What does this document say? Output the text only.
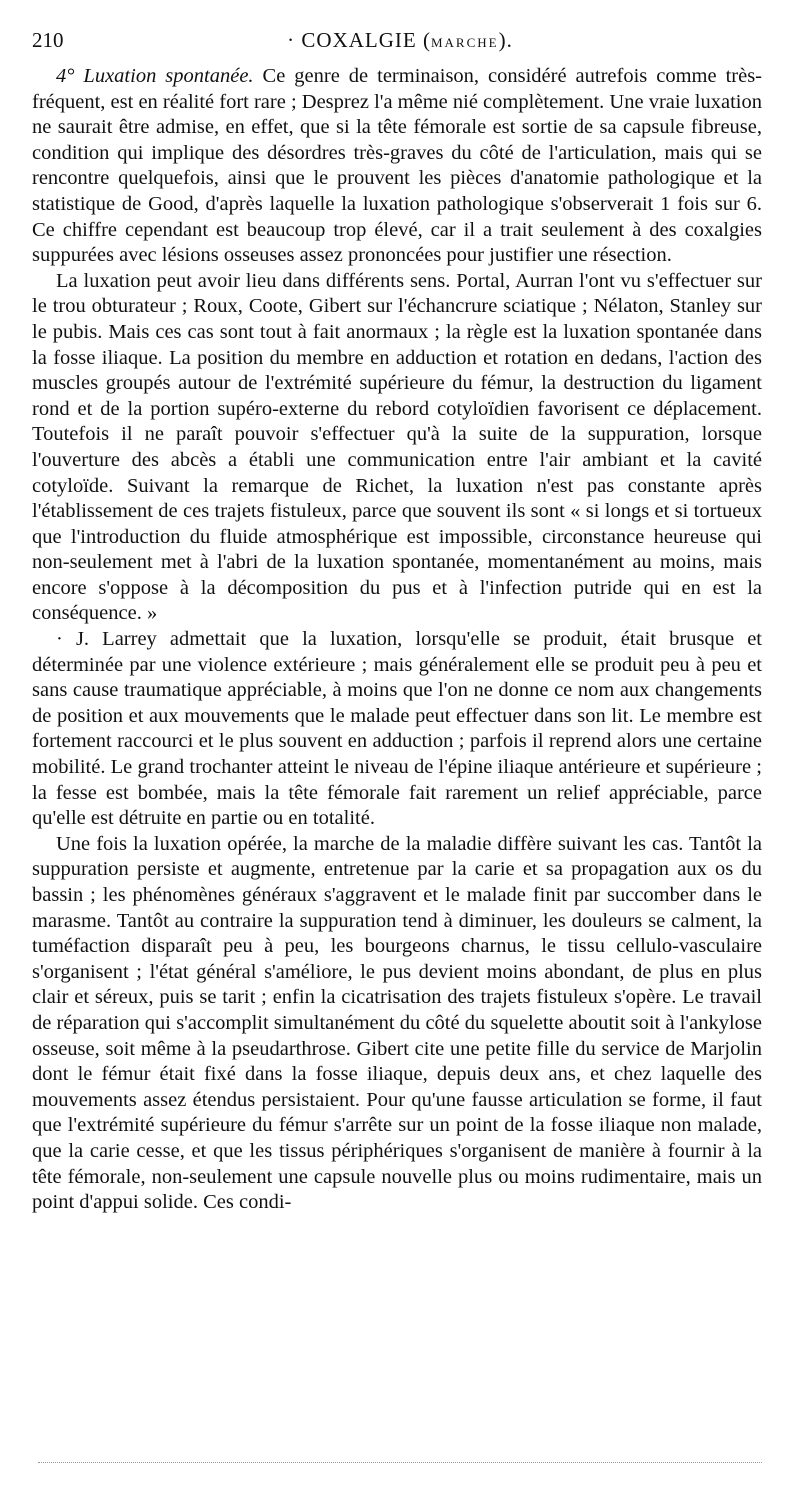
210	· COXALGIE (MARCHE).

4° Luxation spontanée. Ce genre de terminaison, considéré autrefois comme très-fréquent, est en réalité fort rare ; Desprez l'a même nié complètement. Une vraie luxation ne saurait être admise, en effet, que si la tête fémorale est sortie de sa capsule fibreuse, condition qui implique des désordres très-graves du côté de l'articulation, mais qui se rencontre quelquefois, ainsi que le prouvent les pièces d'anatomie pathologique et la statistique de Good, d'après laquelle la luxation pathologique s'observerait 1 fois sur 6. Ce chiffre cependant est beaucoup trop élevé, car il a trait seulement à des coxalgies suppurées avec lésions osseuses assez prononcées pour justifier une résection.

La luxation peut avoir lieu dans différents sens. Portal, Aurran l'ont vu s'effectuer sur le trou obturateur ; Roux, Coote, Gibert sur l'échancrure sciatique ; Nélaton, Stanley sur le pubis. Mais ces cas sont tout à fait anormaux ; la règle est la luxation spontanée dans la fosse iliaque. La position du membre en adduction et rotation en dedans, l'action des muscles groupés autour de l'extrémité supérieure du fémur, la destruction du ligament rond et de la portion supéro-externe du rebord cotyloïdien favorisent ce déplacement. Toutefois il ne paraît pouvoir s'effectuer qu'à la suite de la suppuration, lorsque l'ouverture des abcès a établi une communication entre l'air ambiant et la cavité cotyloïde. Suivant la remarque de Richet, la luxation n'est pas constante après l'établissement de ces trajets fistuleux, parce que souvent ils sont « si longs et si tortueux que l'introduction du fluide atmosphérique est impossible, circonstance heureuse qui non-seulement met à l'abri de la luxation spontanée, momentanément au moins, mais encore s'oppose à la décomposition du pus et à l'infection putride qui en est la conséquence. »

· J. Larrey admettait que la luxation, lorsqu'elle se produit, était brusque et déterminée par une violence extérieure ; mais généralement elle se produit peu à peu et sans cause traumatique appréciable, à moins que l'on ne donne ce nom aux changements de position et aux mouvements que le malade peut effectuer dans son lit. Le membre est fortement raccourci et le plus souvent en adduction ; parfois il reprend alors une certaine mobilité. Le grand trochanter atteint le niveau de l'épine iliaque antérieure et supérieure ; la fesse est bombée, mais la tête fémorale fait rarement un relief appréciable, parce qu'elle est détruite en partie ou en totalité.

Une fois la luxation opérée, la marche de la maladie diffère suivant les cas. Tantôt la suppuration persiste et augmente, entretenue par la carie et sa propagation aux os du bassin ; les phénomènes généraux s'aggravent et le malade finit par succomber dans le marasme. Tantôt au contraire la suppuration tend à diminuer, les douleurs se calment, la tuméfaction disparaît peu à peu, les bourgeons charnus, le tissu cellulo-vasculaire s'organisent ; l'état général s'améliore, le pus devient moins abondant, de plus en plus clair et séreux, puis se tarit ; enfin la cicatrisation des trajets fistuleux s'opère. Le travail de réparation qui s'accomplit simultanément du côté du squelette aboutit soit à l'ankylose osseuse, soit même à la pseudarthrose. Gibert cite une petite fille du service de Marjolin dont le fémur était fixé dans la fosse iliaque, depuis deux ans, et chez laquelle des mouvements assez étendus persistaient. Pour qu'une fausse articulation se forme, il faut que l'extrémité supérieure du fémur s'arrête sur un point de la fosse iliaque non malade, que la carie cesse, et que les tissus périphériques s'organisent de manière à fournir à la tête fémorale, non-seulement une capsule nouvelle plus ou moins rudimentaire, mais un point d'appui solide. Ces condi-
